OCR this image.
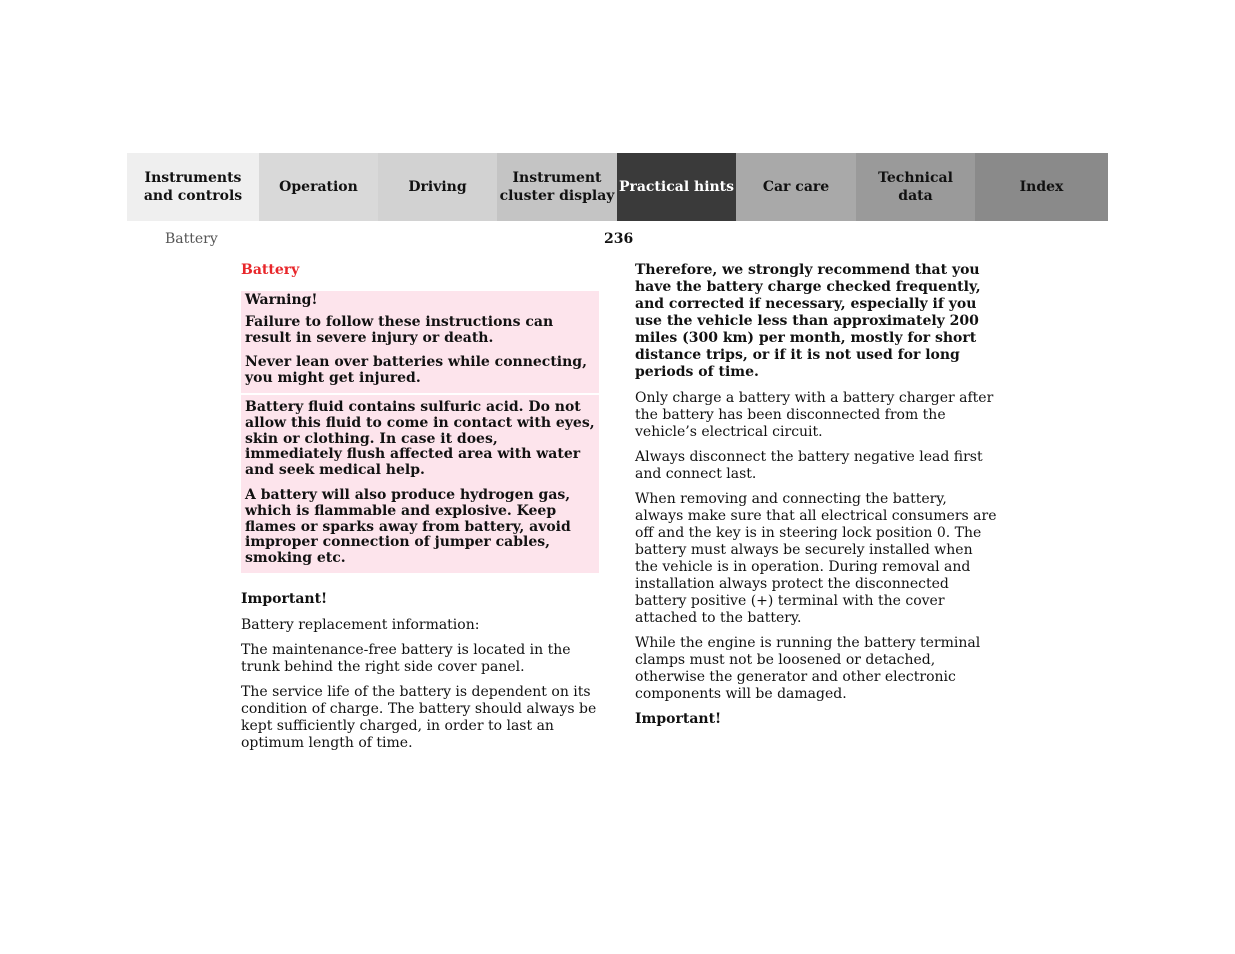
Instruments
and controls
Operation	Driving
Instrument
cluster display
Practical hints Car care
Technical
data
Index
Battery	236
Battery

Warning!

Failure to follow these instructions can result in severe injury or death.

Never lean over batteries while connecting, you might get injured.

Battery fluid contains sulfuric acid. Do not allow this fluid to come in contact with eyes, skin or clothing. In case it does, immediately flush affected area with water and seek medical help.

A battery will also produce hydrogen gas, which is flammable and explosive. Keep flames or sparks away from battery, avoid improper connection of jumper cables, smoking etc.

Important!

Battery replacement information:

The maintenance-free battery is located in the trunk behind the right side cover panel.

The service life of the battery is dependent on its condition of charge. The battery should always be kept sufficiently charged, in order to last an optimum length of time.

Therefore, we strongly recommend that you have the battery charge checked frequently, and corrected if necessary, especially if you use the vehicle less than approximately 200 miles (300 km) per month, mostly for short distance trips, or if it is not used for long periods of time.

Only charge a battery with a battery charger after the battery has been disconnected from the vehicle’s electrical circuit.

Always disconnect the battery negative lead first and connect last.

When removing and connecting the battery, always make sure that all electrical consumers are off and the key is in steering lock position 0. The battery must always be securely installed when the vehicle is in operation. During removal and installation always protect the disconnected battery positive (+) terminal with the cover attached to the battery.

While the engine is running the battery terminal clamps must not be loosened or detached, otherwise the generator and other electronic components will be damaged.

Important!
